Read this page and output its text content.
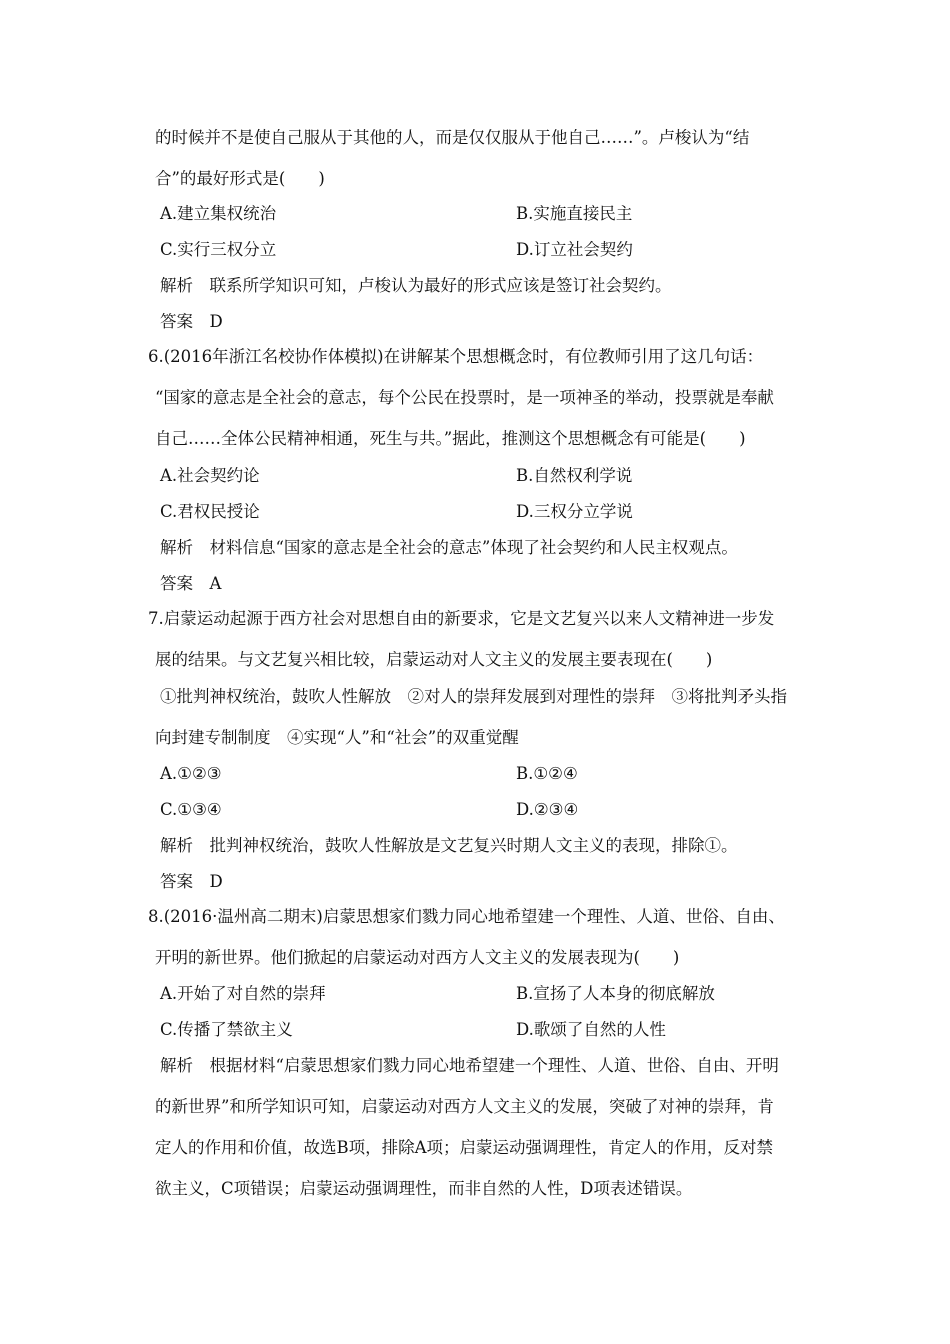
的时候并不是使自己服从于其他的人，而是仅仅服从于他自己……”。卢梭认为“结
合”的最好形式是(　　)
A.建立集权统治	B.实施直接民主
C.实行三权分立	D.订立社会契约
解析　联系所学知识可知，卢梭认为最好的形式应该是签订社会契约。
答案　D
6.(2016年浙江名校协作体模拟)在讲解某个思想概念时，有位教师引用了这几句话：
“国家的意志是全社会的意志，每个公民在投票时，是一项神圣的举动，投票就是奉献
自己……全体公民精神相通，死生与共。”据此，推测这个思想概念有可能是(　　)
A.社会契约论	B.自然权利学说
C.君权民授论	D.三权分立学说
解析　材料信息“国家的意志是全社会的意志”体现了社会契约和人民主权观点。
答案　A
7.启蒙运动起源于西方社会对思想自由的新要求，它是文艺复兴以来人文精神进一步发
展的结果。与文艺复兴相比较，启蒙运动对人文主义的发展主要表现在(　　)
①批判神权统治，鼓吹人性解放　②对人的崇拜发展到对理性的崇拜　③将批判矛头指
向封建专制制度　④实现“人”和“社会”的双重觉醒
A.①②③	B.①②④
C.①③④	D.②③④
解析　批判神权统治，鼓吹人性解放是文艺复兴时期人文主义的表现，排除①。
答案　D
8.(2016·温州高二期末)启蒙思想家们戮力同心地希望建一个理性、人道、世俗、自由、
开明的新世界。他们掀起的启蒙运动对西方人文主义的发展表现为(　　)
A.开始了对自然的崇拜	B.宣扬了人本身的彻底解放
C.传播了禁欲主义	D.歌颂了自然的人性
解析　根据材料“启蒙思想家们戮力同心地希望建一个理性、人道、世俗、自由、开明
的新世界”和所学知识可知，启蒙运动对西方人文主义的发展，突破了对神的崇拜，肯
定人的作用和价值，故选B项，排除A项；启蒙运动强调理性，肯定人的作用，反对禁
欲主义，C项错误；启蒙运动强调理性，而非自然的人性，D项表述错误。
